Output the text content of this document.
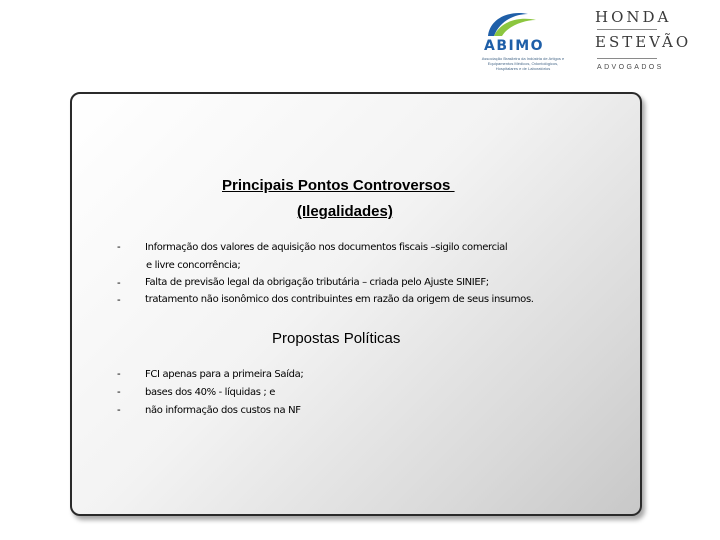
ABIMO
Associação Brasileira da Indústria de Artigos e Equipamentos Médicos, Odontológicos, Hospitalares e de Laboratórios
HONDA
ESTEVÃO
ADVOGADOS
Principais Pontos Controversos
(Ilegalidades)
- Informação dos valores de aquisição nos documentos fiscais –sigilo comercial
e livre concorrência;
- Falta de previsão legal da obrigação tributária – criada pelo Ajuste SINIEF;
- tratamento não isonômico dos contribuintes em razão da origem de seus insumos.
Propostas Políticas
- FCI apenas para a primeira Saída;
- bases dos 40% - líquidas ; e
- não informação dos custos na NF
